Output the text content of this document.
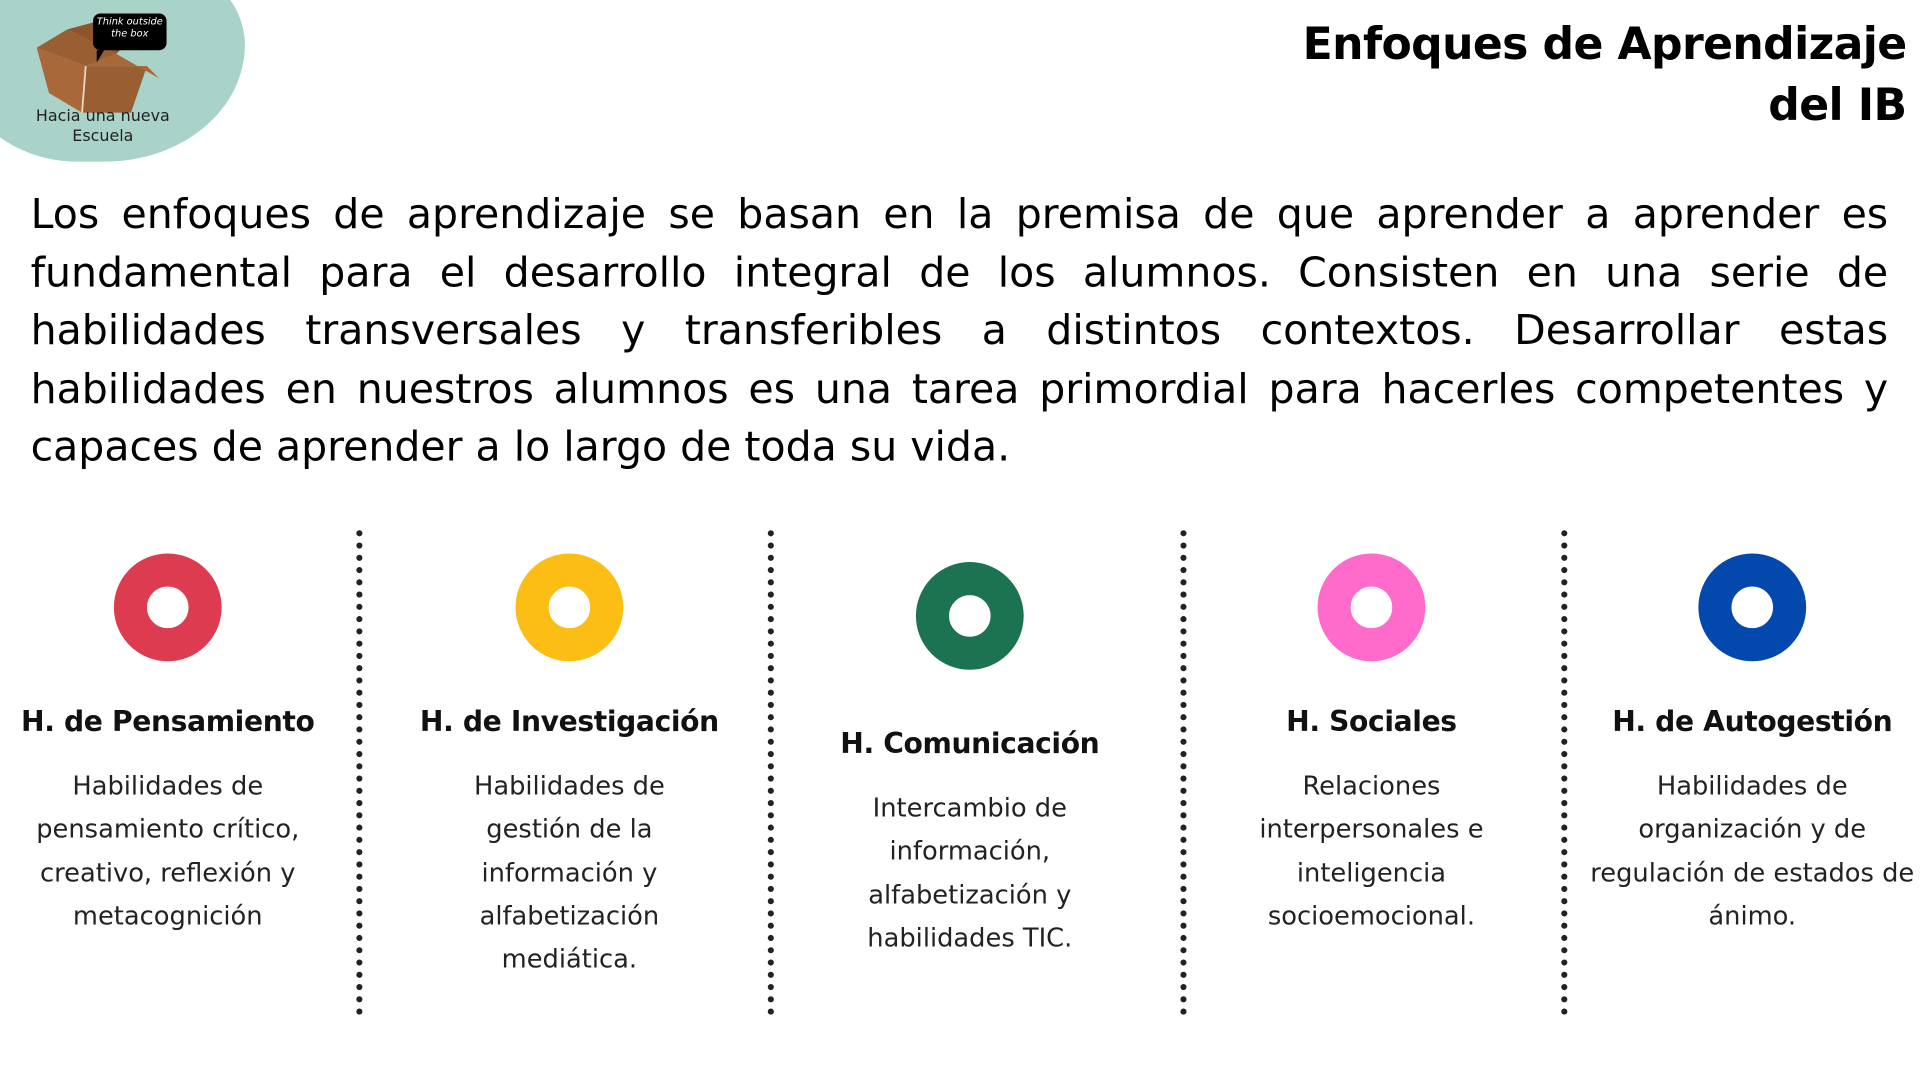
Think outside the box
Hacia una nueva Escuela
Enfoques de Aprendizaje
del IB
Los enfoques de aprendizaje se basan en la premisa de que aprender a aprender es fundamental para el desarrollo integral de los alumnos. Consisten en una serie de habilidades transversales y transferibles a distintos contextos. Desarrollar estas habilidades en nuestros alumnos es una tarea primordial para hacerles competentes y capaces de aprender a lo largo de toda su vida.
H. de Pensamiento

Habilidades de pensamiento crítico, creativo, reflexión y metacognición

H. de Investigación

Habilidades de gestión de la información y alfabetización mediática.

H. Comunicación

Intercambio de información, alfabetización y habilidades TIC.

H. Sociales

Relaciones interpersonales e inteligencia socioemocional.

H. de Autogestión

Habilidades de organización y de regulación de estados de ánimo.
